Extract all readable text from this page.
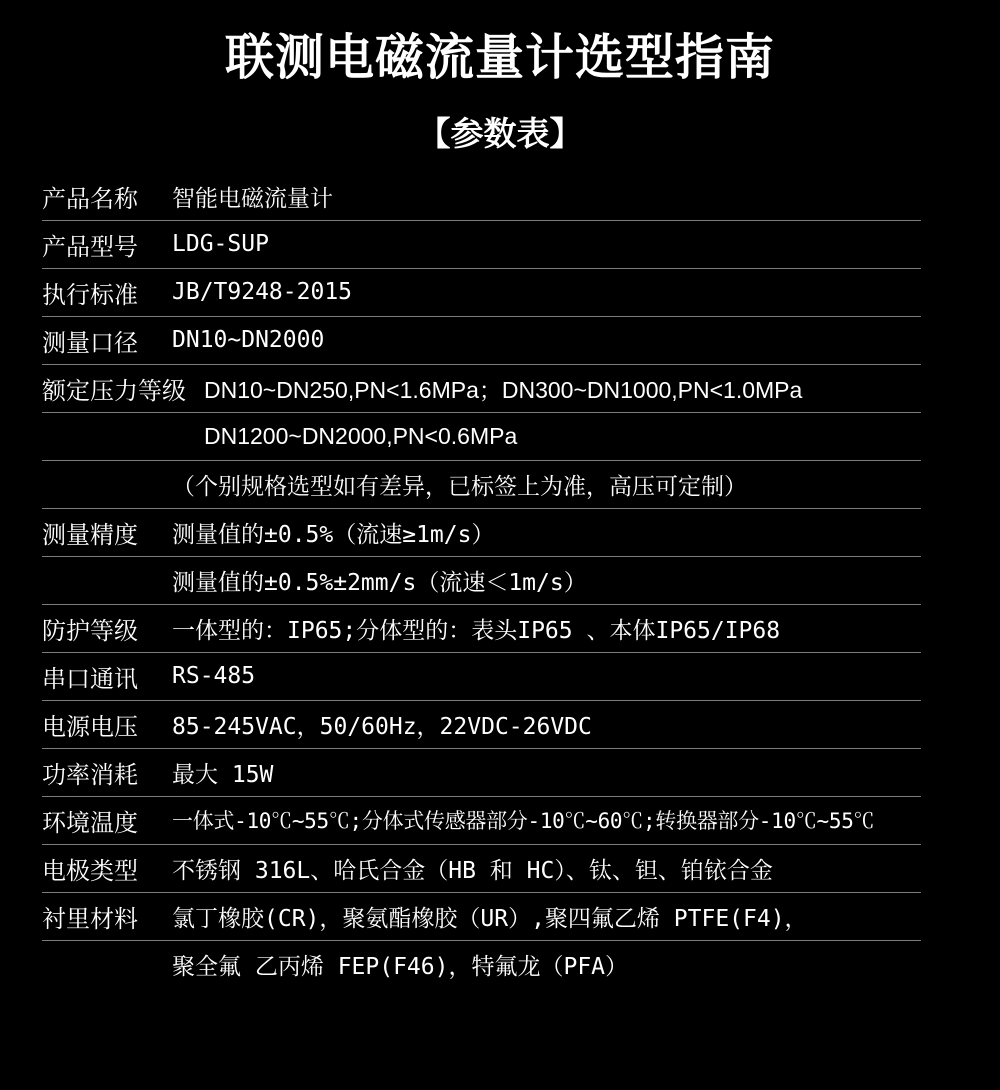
联测电磁流量计选型指南
【参数表】
产品名称	智能电磁流量计
产品型号	LDG-SUP
执行标准	JB/T9248-2015
测量口径	DN10~DN2000
额定压力等级 DN10~DN250,PN<1.6MPa；DN300~DN1000,PN<1.0MPa
DN1200~DN2000,PN<0.6MPa
（个别规格选型如有差异，已标签上为准，高压可定制）
测量精度	测量值的±0.5%（流速≥1m/s）
测量值的±0.5%±2mm/s（流速＜1m/s）
防护等级	一体型的：IP65;分体型的：表头IP65 、本体IP65/IP68
串口通讯	RS-485
电源电压	85-245VAC，50/60Hz，22VDC-26VDC
功率消耗	最大 15W
环境温度	一体式-10℃~55℃;分体式传感器部分-10℃~60℃;转换器部分-10℃~55℃
电极类型	不锈钢 316L、哈氏合金（HB 和 HC）、钛、钽、铂铱合金
衬里材料	氯丁橡胶(CR)，聚氨酯橡胶（UR）,聚四氟乙烯 PTFE(F4)，
聚全氟 乙丙烯 FEP(F46)，特氟龙（PFA）
